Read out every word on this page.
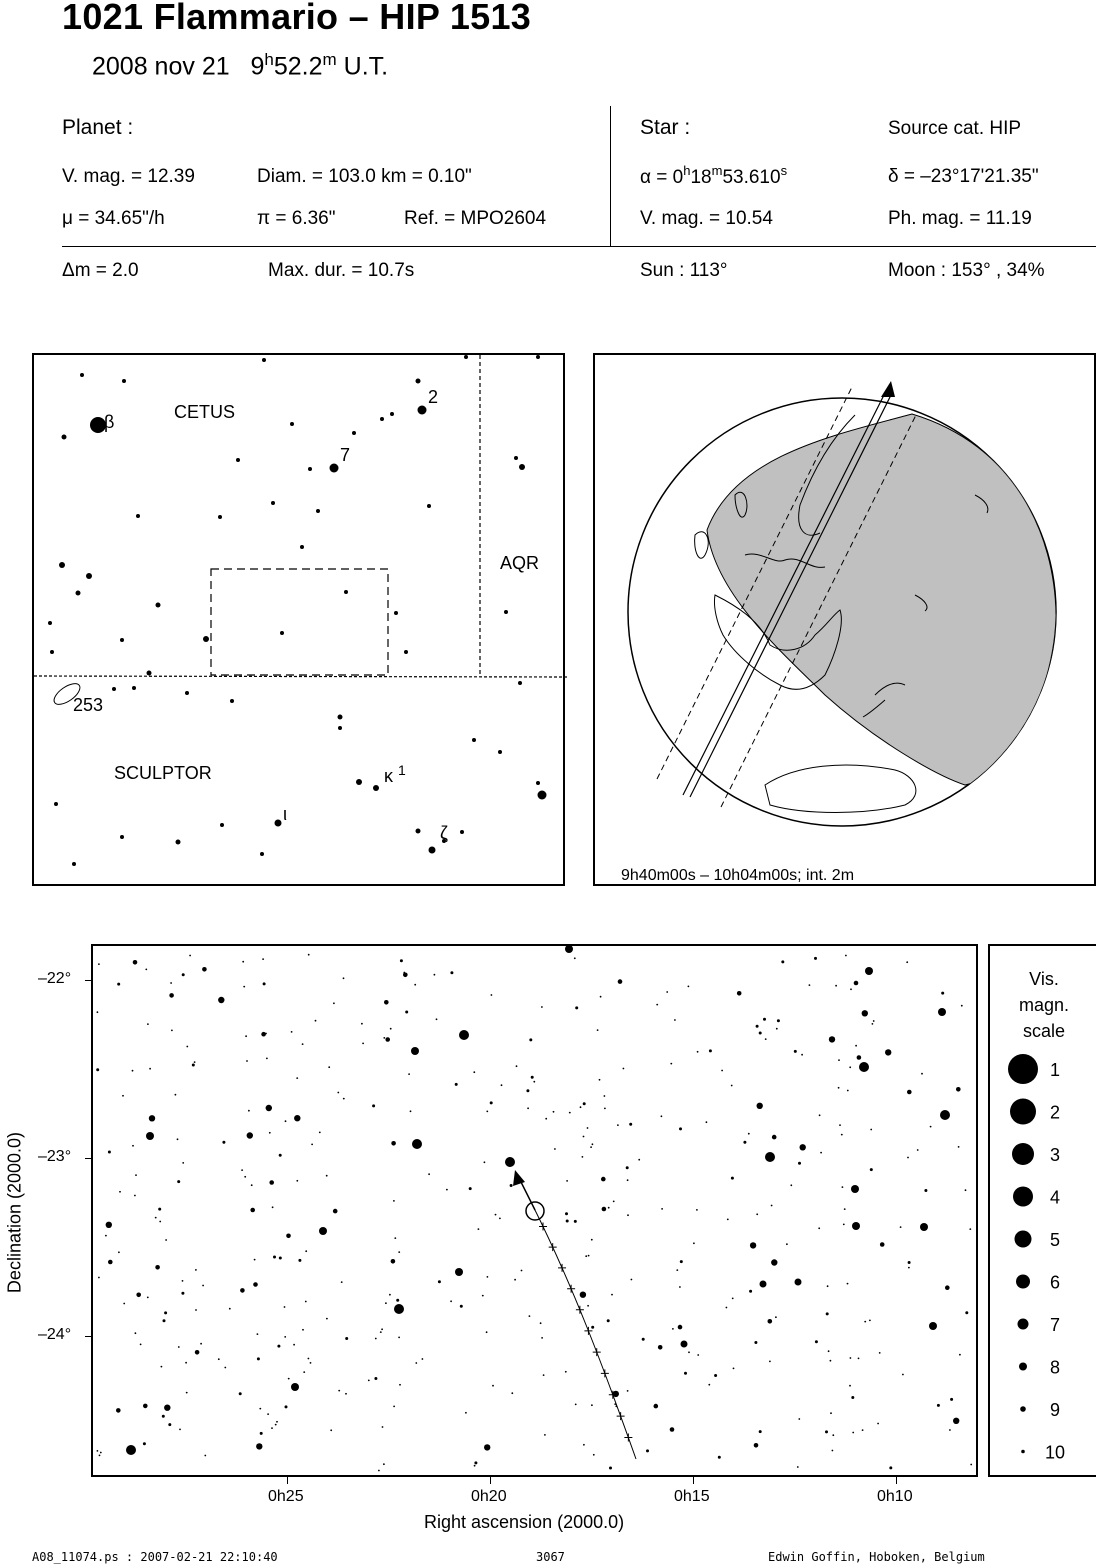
1021 Flammario – HIP 1513
2008 nov 21 9$^h$52.2$^m$ U.T.
Planet :
V. mag. = 12.39	Diam. = 103.0 km = 0.10"
μ = 34.65"/h	π = 6.36"	Ref. = MPO2604
Star :	Source cat. HIP
$\alpha = 0^h18^m53.610^s$	δ = –23°17'21.35"
V. mag. = 10.54	Ph. mag. = 11.19
Δm = 2.0	Max. dur. = 10.7s	Sun : 113°	Moon : 153° , 34%
CETUS
AQR
SCULPTOR
β
2
7
κ 1
ι
ζ
253
9h40m00s – 10h04m00s; int. 2m
–22°
–23°
–24°
0h25	0h20	0h15	0h10
Right ascension (2000.0)
Declination (2000.0)
Vis.
magn.
scale
1
2
3
4
5
6
7
8
9
10
A08_11074.ps : 2007-02-21 22:10:40	3067	Edwin Goffin, Hoboken, Belgium
